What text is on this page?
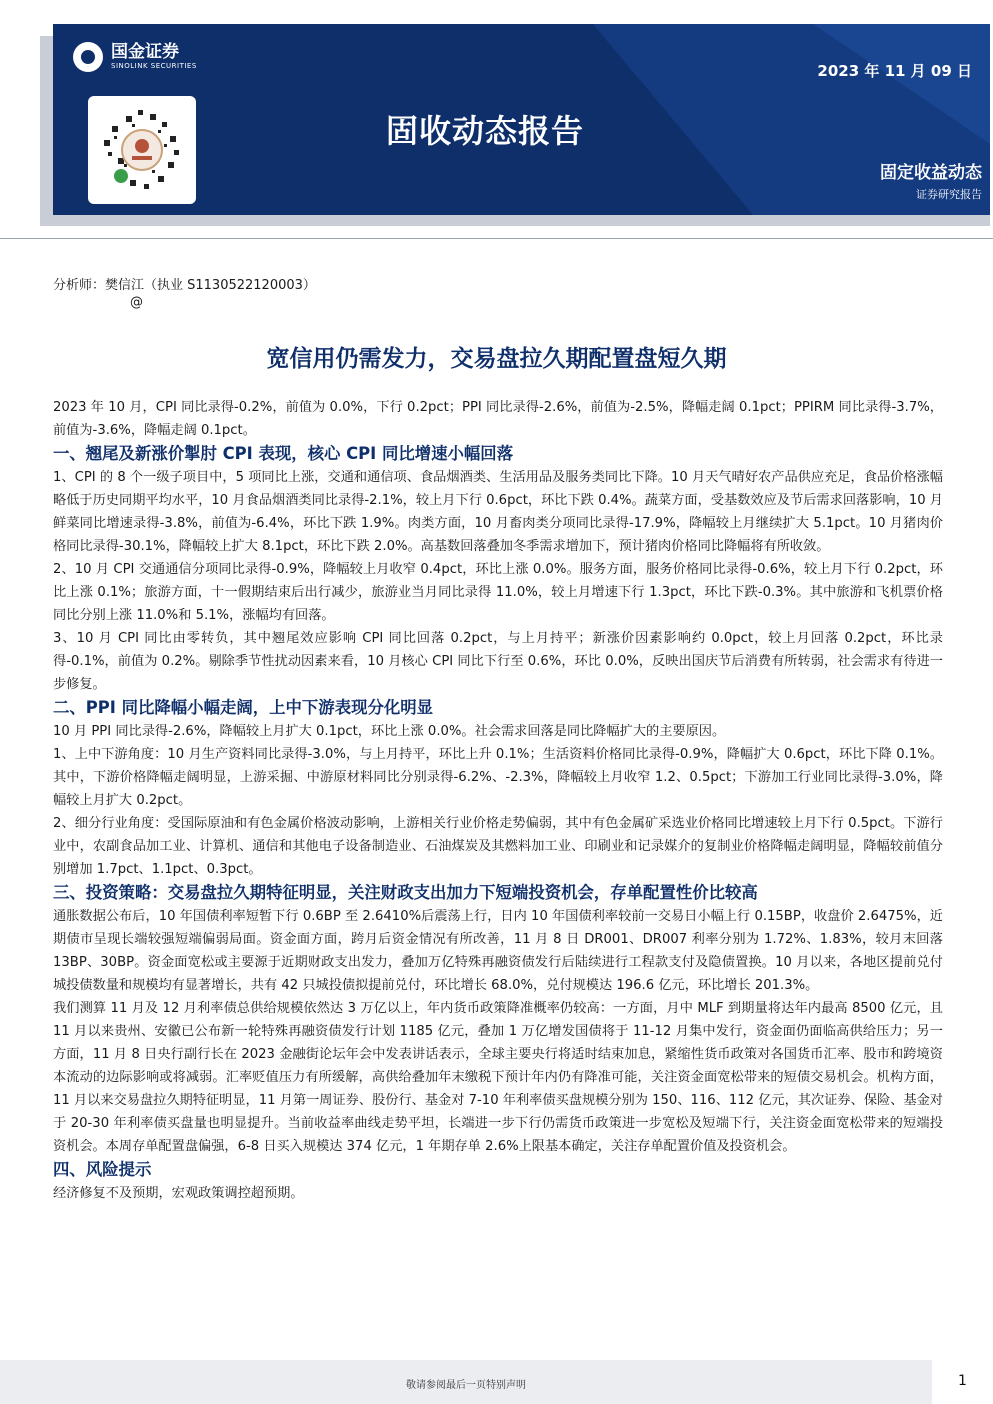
国金证券
SINOLINK SECURITIES	2023 年 11 月 09 日
固收动态报告
固定收益动态
证券研究报告
分析师：樊信江（执业 S1130522120003）
@
宽信用仍需发力，交易盘拉久期配置盘短久期

2023 年 10 月，CPI 同比录得-0.2%，前值为 0.0%，下行 0.2pct；PPI 同比录得-2.6%，前值为-2.5%，降幅走阔 0.1pct；PPIRM 同比录得-3.7%，前值为-3.6%，降幅走阔 0.1pct。

一、翘尾及新涨价掣肘 CPI 表现，核心 CPI 同比增速小幅回落

1、CPI 的 8 个一级子项目中，5 项同比上涨，交通和通信项、食品烟酒类、生活用品及服务类同比下降。10 月天气晴好农产品供应充足，食品价格涨幅略低于历史同期平均水平，10 月食品烟酒类同比录得-2.1%，较上月下行 0.6pct，环比下跌 0.4%。蔬菜方面，受基数效应及节后需求回落影响，10 月鲜菜同比增速录得-3.8%，前值为-6.4%，环比下跌 1.9%。肉类方面，10 月畜肉类分项同比录得-17.9%，降幅较上月继续扩大 5.1pct。10 月猪肉价格同比录得-30.1%，降幅较上扩大 8.1pct，环比下跌 2.0%。高基数回落叠加冬季需求增加下，预计猪肉价格同比降幅将有所收敛。

2、10 月 CPI 交通通信分项同比录得-0.9%，降幅较上月收窄 0.4pct，环比上涨 0.0%。服务方面，服务价格同比录得-0.6%，较上月下行 0.2pct，环比上涨 0.1%；旅游方面，十一假期结束后出行减少，旅游业当月同比录得 11.0%，较上月增速下行 1.3pct，环比下跌-0.3%。其中旅游和飞机票价格同比分别上涨 11.0%和 5.1%，涨幅均有回落。

3、10 月 CPI 同比由零转负，其中翘尾效应影响 CPI 同比回落 0.2pct，与上月持平；新涨价因素影响约 0.0pct，较上月回落 0.2pct，环比录得-0.1%，前值为 0.2%。剔除季节性扰动因素来看，10 月核心 CPI 同比下行至 0.6%，环比 0.0%，反映出国庆节后消费有所转弱，社会需求有待进一步修复。

二、PPI 同比降幅小幅走阔，上中下游表现分化明显

10 月 PPI 同比录得-2.6%，降幅较上月扩大 0.1pct，环比上涨 0.0%。社会需求回落是同比降幅扩大的主要原因。

1、上中下游角度：10 月生产资料同比录得-3.0%，与上月持平，环比上升 0.1%；生活资料价格同比录得-0.9%，降幅扩大 0.6pct，环比下降 0.1%。其中，下游价格降幅走阔明显，上游采掘、中游原材料同比分别录得-6.2%、-2.3%，降幅较上月收窄 1.2、0.5pct；下游加工行业同比录得-3.0%，降幅较上月扩大 0.2pct。

2、细分行业角度：受国际原油和有色金属价格波动影响，上游相关行业价格走势偏弱，其中有色金属矿采选业价格同比增速较上月下行 0.5pct。下游行业中，农副食品加工业、计算机、通信和其他电子设备制造业、石油煤炭及其燃料加工业、印刷业和记录媒介的复制业价格降幅走阔明显，降幅较前值分别增加 1.7pct、1.1pct、0.3pct。

三、投资策略：交易盘拉久期特征明显，关注财政支出加力下短端投资机会，存单配置性价比较高

通胀数据公布后，10 年国债利率短暂下行 0.6BP 至 2.6410%后震荡上行，日内 10 年国债利率较前一交易日小幅上行 0.15BP，收盘价 2.6475%，近期债市呈现长端较强短端偏弱局面。资金面方面，跨月后资金情况有所改善，11 月 8 日 DR001、DR007 利率分别为 1.72%、1.83%，较月末回落 13BP、30BP。资金面宽松或主要源于近期财政支出发力，叠加万亿特殊再融资债发行后陆续进行工程款支付及隐债置换。10 月以来，各地区提前兑付城投债数量和规模均有显著增长，共有 42 只城投债拟提前兑付，环比增长 68.0%，兑付规模达 196.6 亿元，环比增长 201.3%。

我们测算 11 月及 12 月利率债总供给规模依然达 3 万亿以上，年内货币政策降准概率仍较高：一方面，月中 MLF 到期量将达年内最高 8500 亿元，且 11 月以来贵州、安徽已公布新一轮特殊再融资债发行计划 1185 亿元，叠加 1 万亿增发国债将于 11-12 月集中发行，资金面仍面临高供给压力；另一方面，11 月 8 日央行副行长在 2023 金融街论坛年会中发表讲话表示，全球主要央行将适时结束加息，紧缩性货币政策对各国货币汇率、股市和跨境资本流动的边际影响或将减弱。汇率贬值压力有所缓解，高供给叠加年末缴税下预计年内仍有降准可能，关注资金面宽松带来的短债交易机会。机构方面，11 月以来交易盘拉久期特征明显，11 月第一周证券、股份行、基金对 7-10 年利率债买盘规模分别为 150、116、112 亿元，其次证券、保险、基金对于 20-30 年利率债买盘量也明显提升。当前收益率曲线走势平坦，长端进一步下行仍需货币政策进一步宽松及短端下行，关注资金面宽松带来的短端投资机会。本周存单配置盘偏强，6-8 日买入规模达 374 亿元，1 年期存单 2.6%上限基本确定，关注存单配置价值及投资机会。

四、风险提示

经济修复不及预期，宏观政策调控超预期。

敬请参阅最后一页特别声明	1
